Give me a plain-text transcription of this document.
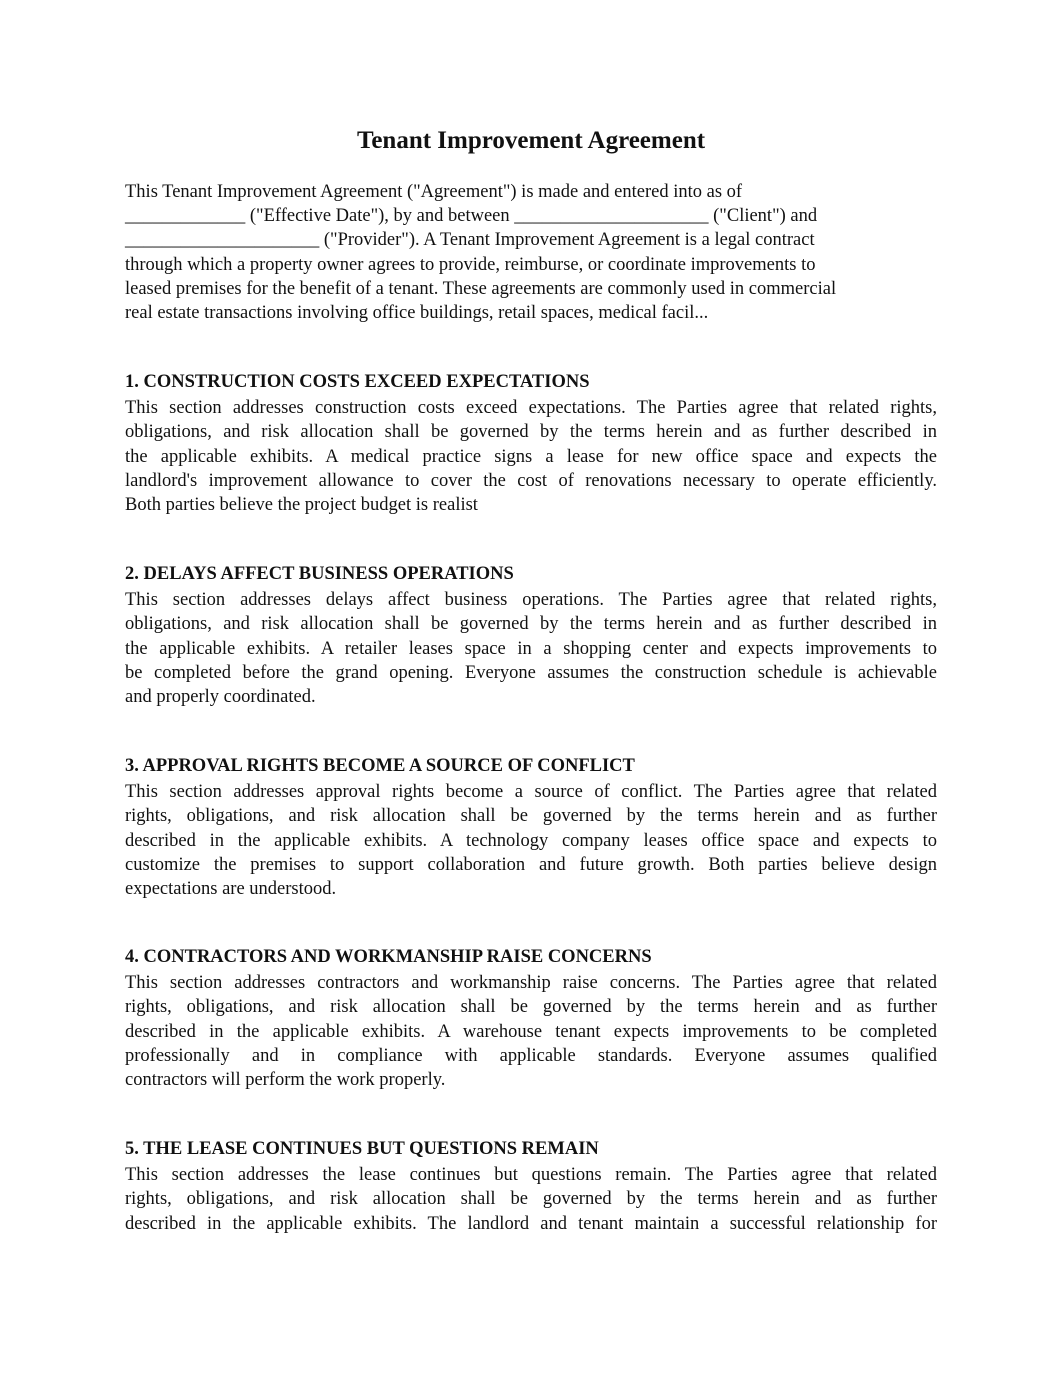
Tenant Improvement Agreement

This Tenant Improvement Agreement ("Agreement") is made and entered into as of
_____________ ("Effective Date"), by and between _____________________ ("Client") and
_____________________ ("Provider"). A Tenant Improvement Agreement is a legal contract
through which a property owner agrees to provide, reimburse, or coordinate improvements to
leased premises for the benefit of a tenant. These agreements are commonly used in commercial
real estate transactions involving office buildings, retail spaces, medical facil...

1. CONSTRUCTION COSTS EXCEED EXPECTATIONS

This section addresses construction costs exceed expectations. The Parties agree that related rights,
obligations, and risk allocation shall be governed by the terms herein and as further described in
the applicable exhibits. A medical practice signs a lease for new office space and expects the
landlord's improvement allowance to cover the cost of renovations necessary to operate efficiently.
Both parties believe the project budget is realist

2. DELAYS AFFECT BUSINESS OPERATIONS

This section addresses delays affect business operations. The Parties agree that related rights,
obligations, and risk allocation shall be governed by the terms herein and as further described in
the applicable exhibits. A retailer leases space in a shopping center and expects improvements to
be completed before the grand opening. Everyone assumes the construction schedule is achievable
and properly coordinated.

3. APPROVAL RIGHTS BECOME A SOURCE OF CONFLICT

This section addresses approval rights become a source of conflict. The Parties agree that related
rights, obligations, and risk allocation shall be governed by the terms herein and as further
described in the applicable exhibits. A technology company leases office space and expects to
customize the premises to support collaboration and future growth. Both parties believe design
expectations are understood.

4. CONTRACTORS AND WORKMANSHIP RAISE CONCERNS

This section addresses contractors and workmanship raise concerns. The Parties agree that related
rights, obligations, and risk allocation shall be governed by the terms herein and as further
described in the applicable exhibits. A warehouse tenant expects improvements to be completed
professionally and in compliance with applicable standards. Everyone assumes qualified
contractors will perform the work properly.

5. THE LEASE CONTINUES BUT QUESTIONS REMAIN

This section addresses the lease continues but questions remain. The Parties agree that related
rights, obligations, and risk allocation shall be governed by the terms herein and as further
described in the applicable exhibits. The landlord and tenant maintain a successful relationship for
